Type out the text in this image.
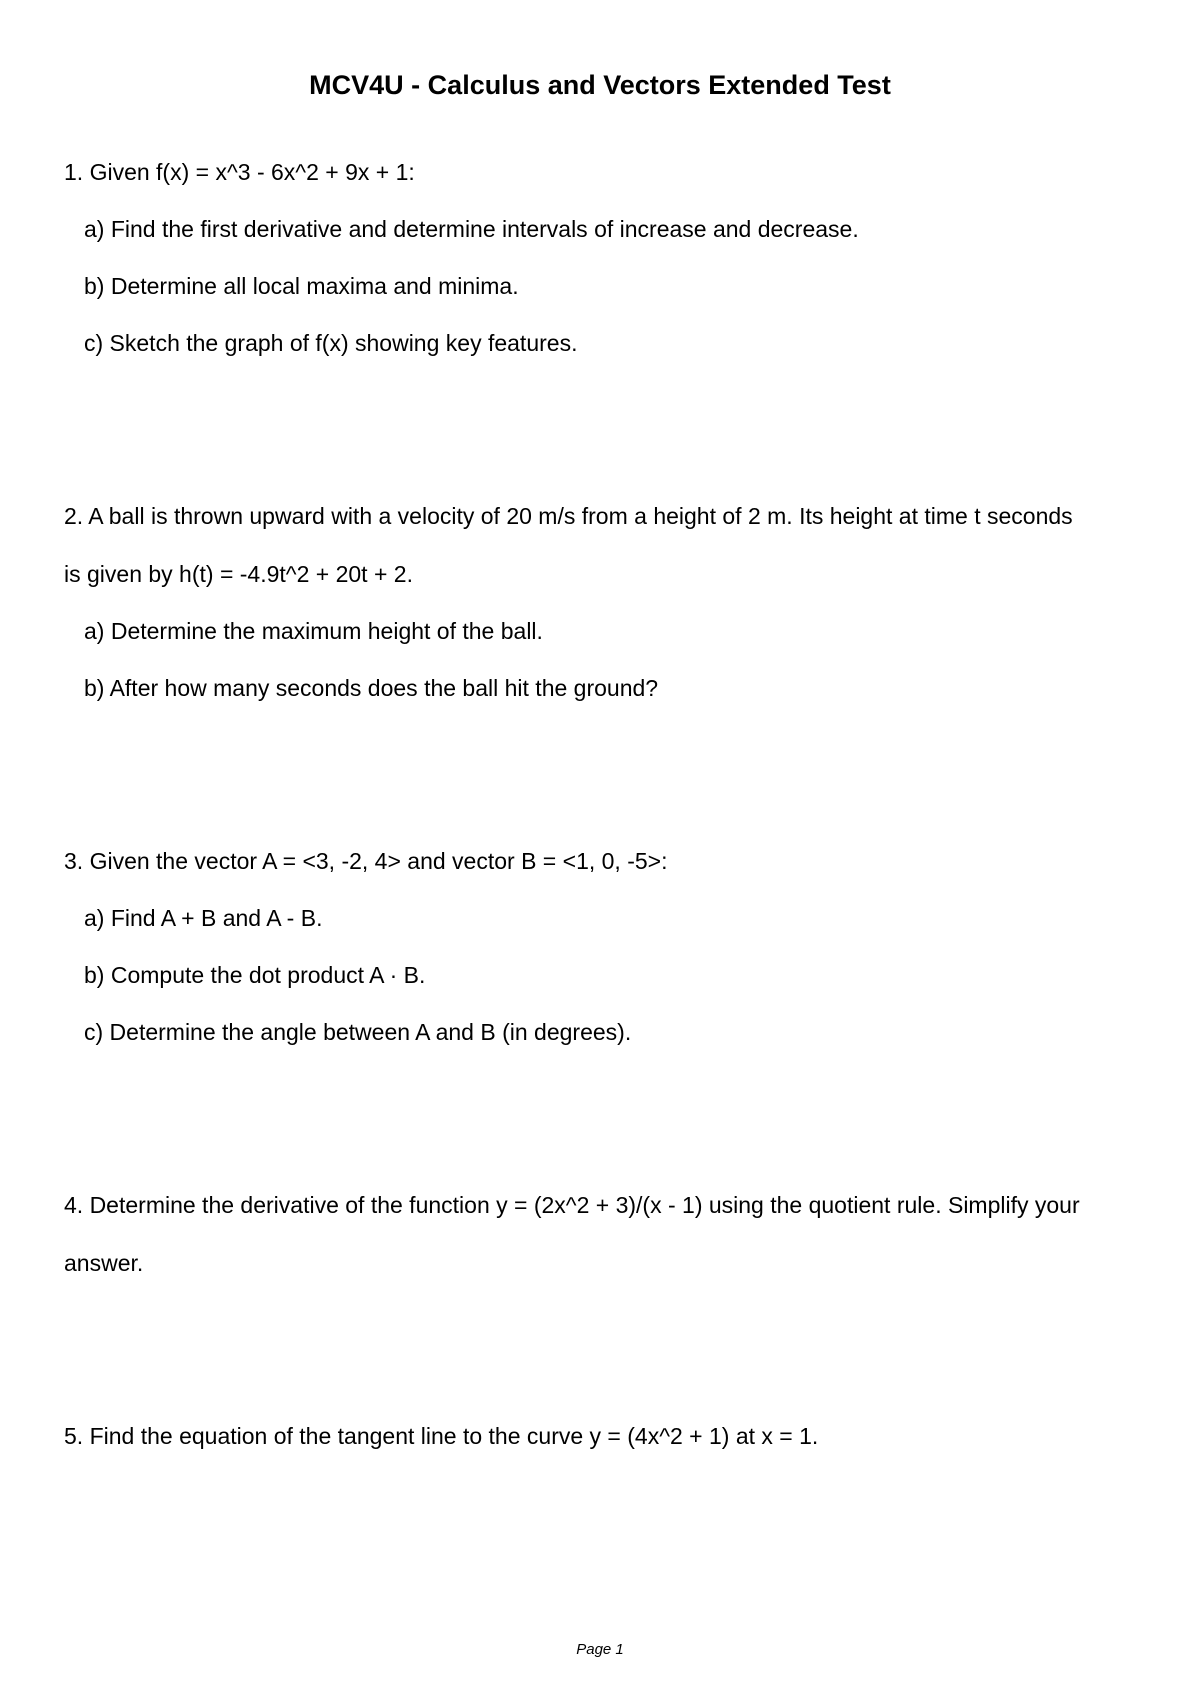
MCV4U - Calculus and Vectors Extended Test
1. Given f(x) = x^3 - 6x^2 + 9x + 1:
a) Find the first derivative and determine intervals of increase and decrease.
b) Determine all local maxima and minima.
c) Sketch the graph of f(x) showing key features.
2. A ball is thrown upward with a velocity of 20 m/s from a height of 2 m. Its height at time t seconds
is given by h(t) = -4.9t^2 + 20t + 2.
a) Determine the maximum height of the ball.
b) After how many seconds does the ball hit the ground?
3. Given the vector A = <3, -2, 4> and vector B = <1, 0, -5>:
a) Find A + B and A - B.
b) Compute the dot product A · B.
c) Determine the angle between A and B (in degrees).
4. Determine the derivative of the function y = (2x^2 + 3)/(x - 1) using the quotient rule. Simplify your
answer.
5. Find the equation of the tangent line to the curve y = (4x^2 + 1) at x = 1.
Page 1
